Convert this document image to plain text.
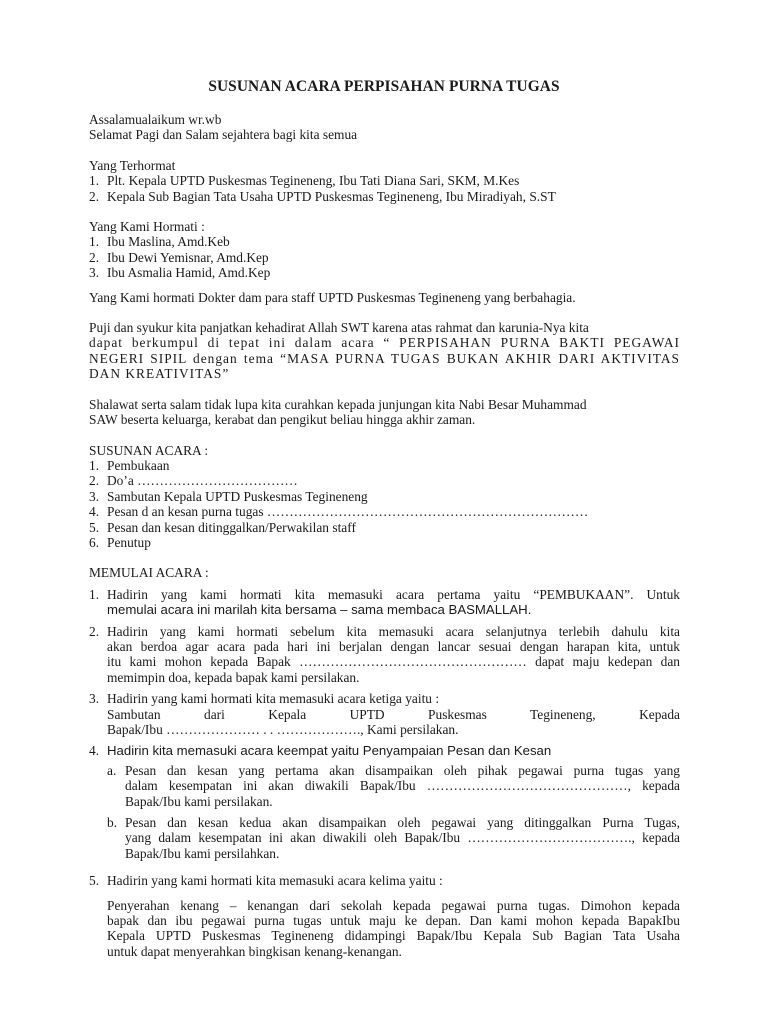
SUSUNAN ACARA PERPISAHAN PURNA TUGAS

Assalamualaikum wr.wb

Selamat Pagi dan Salam sejahtera bagi kita semua

Yang Terhormat

1. Plt. Kepala UPTD Puskesmas Tegineneng, Ibu Tati Diana Sari, SKM, M.Kes
2. Kepala Sub Bagian Tata Usaha UPTD Puskesmas Tegineneng, Ibu Miradiyah, S.ST

Yang Kami Hormati :

1. Ibu Maslina, Amd.Keb
2. Ibu Dewi Yemisnar, Amd.Kep
3. Ibu Asmalia Hamid, Amd.Kep

Yang Kami hormati Dokter dam para staff UPTD Puskesmas Tegineneng yang berbahagia.

Puji dan syukur kita panjatkan kehadirat Allah SWT karena atas rahmat dan karunia-Nya kita

dapat berkumpul di tepat ini dalam acara “ PERPISAHAN PURNA BAKTI PEGAWAI

NEGERI SIPIL dengan tema “MASA PURNA TUGAS BUKAN AKHIR DARI AKTIVITAS

DAN KREATIVITAS”

Shalawat serta salam tidak lupa kita curahkan kepada junjungan kita Nabi Besar Muhammad

SAW beserta keluarga, kerabat dan pengikut beliau hingga akhir zaman.

SUSUNAN ACARA :

1. Pembukaan
2. Do’a ………………………………
3. Sambutan Kepala UPTD Puskesmas Tegineneng
4. Pesan d an kesan purna tugas ………………………………………………………………
5. Pesan dan kesan ditinggalkan/Perwakilan staff
6. Penutup

MEMULAI ACARA :

1. Hadirin yang kami hormati kita memasuki acara pertama yaitu “PEMBUKAAN”. Untuk
memulai acara ini marilah kita bersama – sama membaca BASMALLAH.
2. Hadirin yang kami hormati sebelum kita memasuki acara selanjutnya terlebih dahulu kita
akan berdoa agar acara pada hari ini berjalan dengan lancar sesuai dengan harapan kita, untuk
itu kami mohon kepada Bapak …………………………………………… dapat maju kedepan dan
memimpin doa, kepada bapak kami persilakan.
3. Hadirin yang kami hormati kita memasuki acara ketiga yaitu :
Sambutan dari Kepala UPTD Puskesmas Tegineneng, Kepada
Bapak/Ibu ………………… . . ………………., Kami persilakan.
4. Hadirin kita memasuki acara keempat yaitu Penyampaian Pesan dan Kesan
a. Pesan dan kesan yang pertama akan disampaikan oleh pihak pegawai purna tugas yang
dalam kesempatan ini akan diwakili Bapak/Ibu ………………………………………, kepada
Bapak/Ibu kami persilakan.
b. Pesan dan kesan kedua akan disampaikan oleh pegawai yang ditinggalkan Purna Tugas,
yang dalam kesempatan ini akan diwakili oleh Bapak/Ibu ………………………………., kepada
Bapak/Ibu kami persilahkan.
5. Hadirin yang kami hormati kita memasuki acara kelima yaitu :
Penyerahan kenang – kenangan dari sekolah kepada pegawai purna tugas. Dimohon kepada
bapak dan ibu pegawai purna tugas untuk maju ke depan. Dan kami mohon kepada BapakIbu
Kepala UPTD Puskesmas Tegineneng didampingi Bapak/Ibu Kepala Sub Bagian Tata Usaha
untuk dapat menyerahkan bingkisan kenang-kenangan.
